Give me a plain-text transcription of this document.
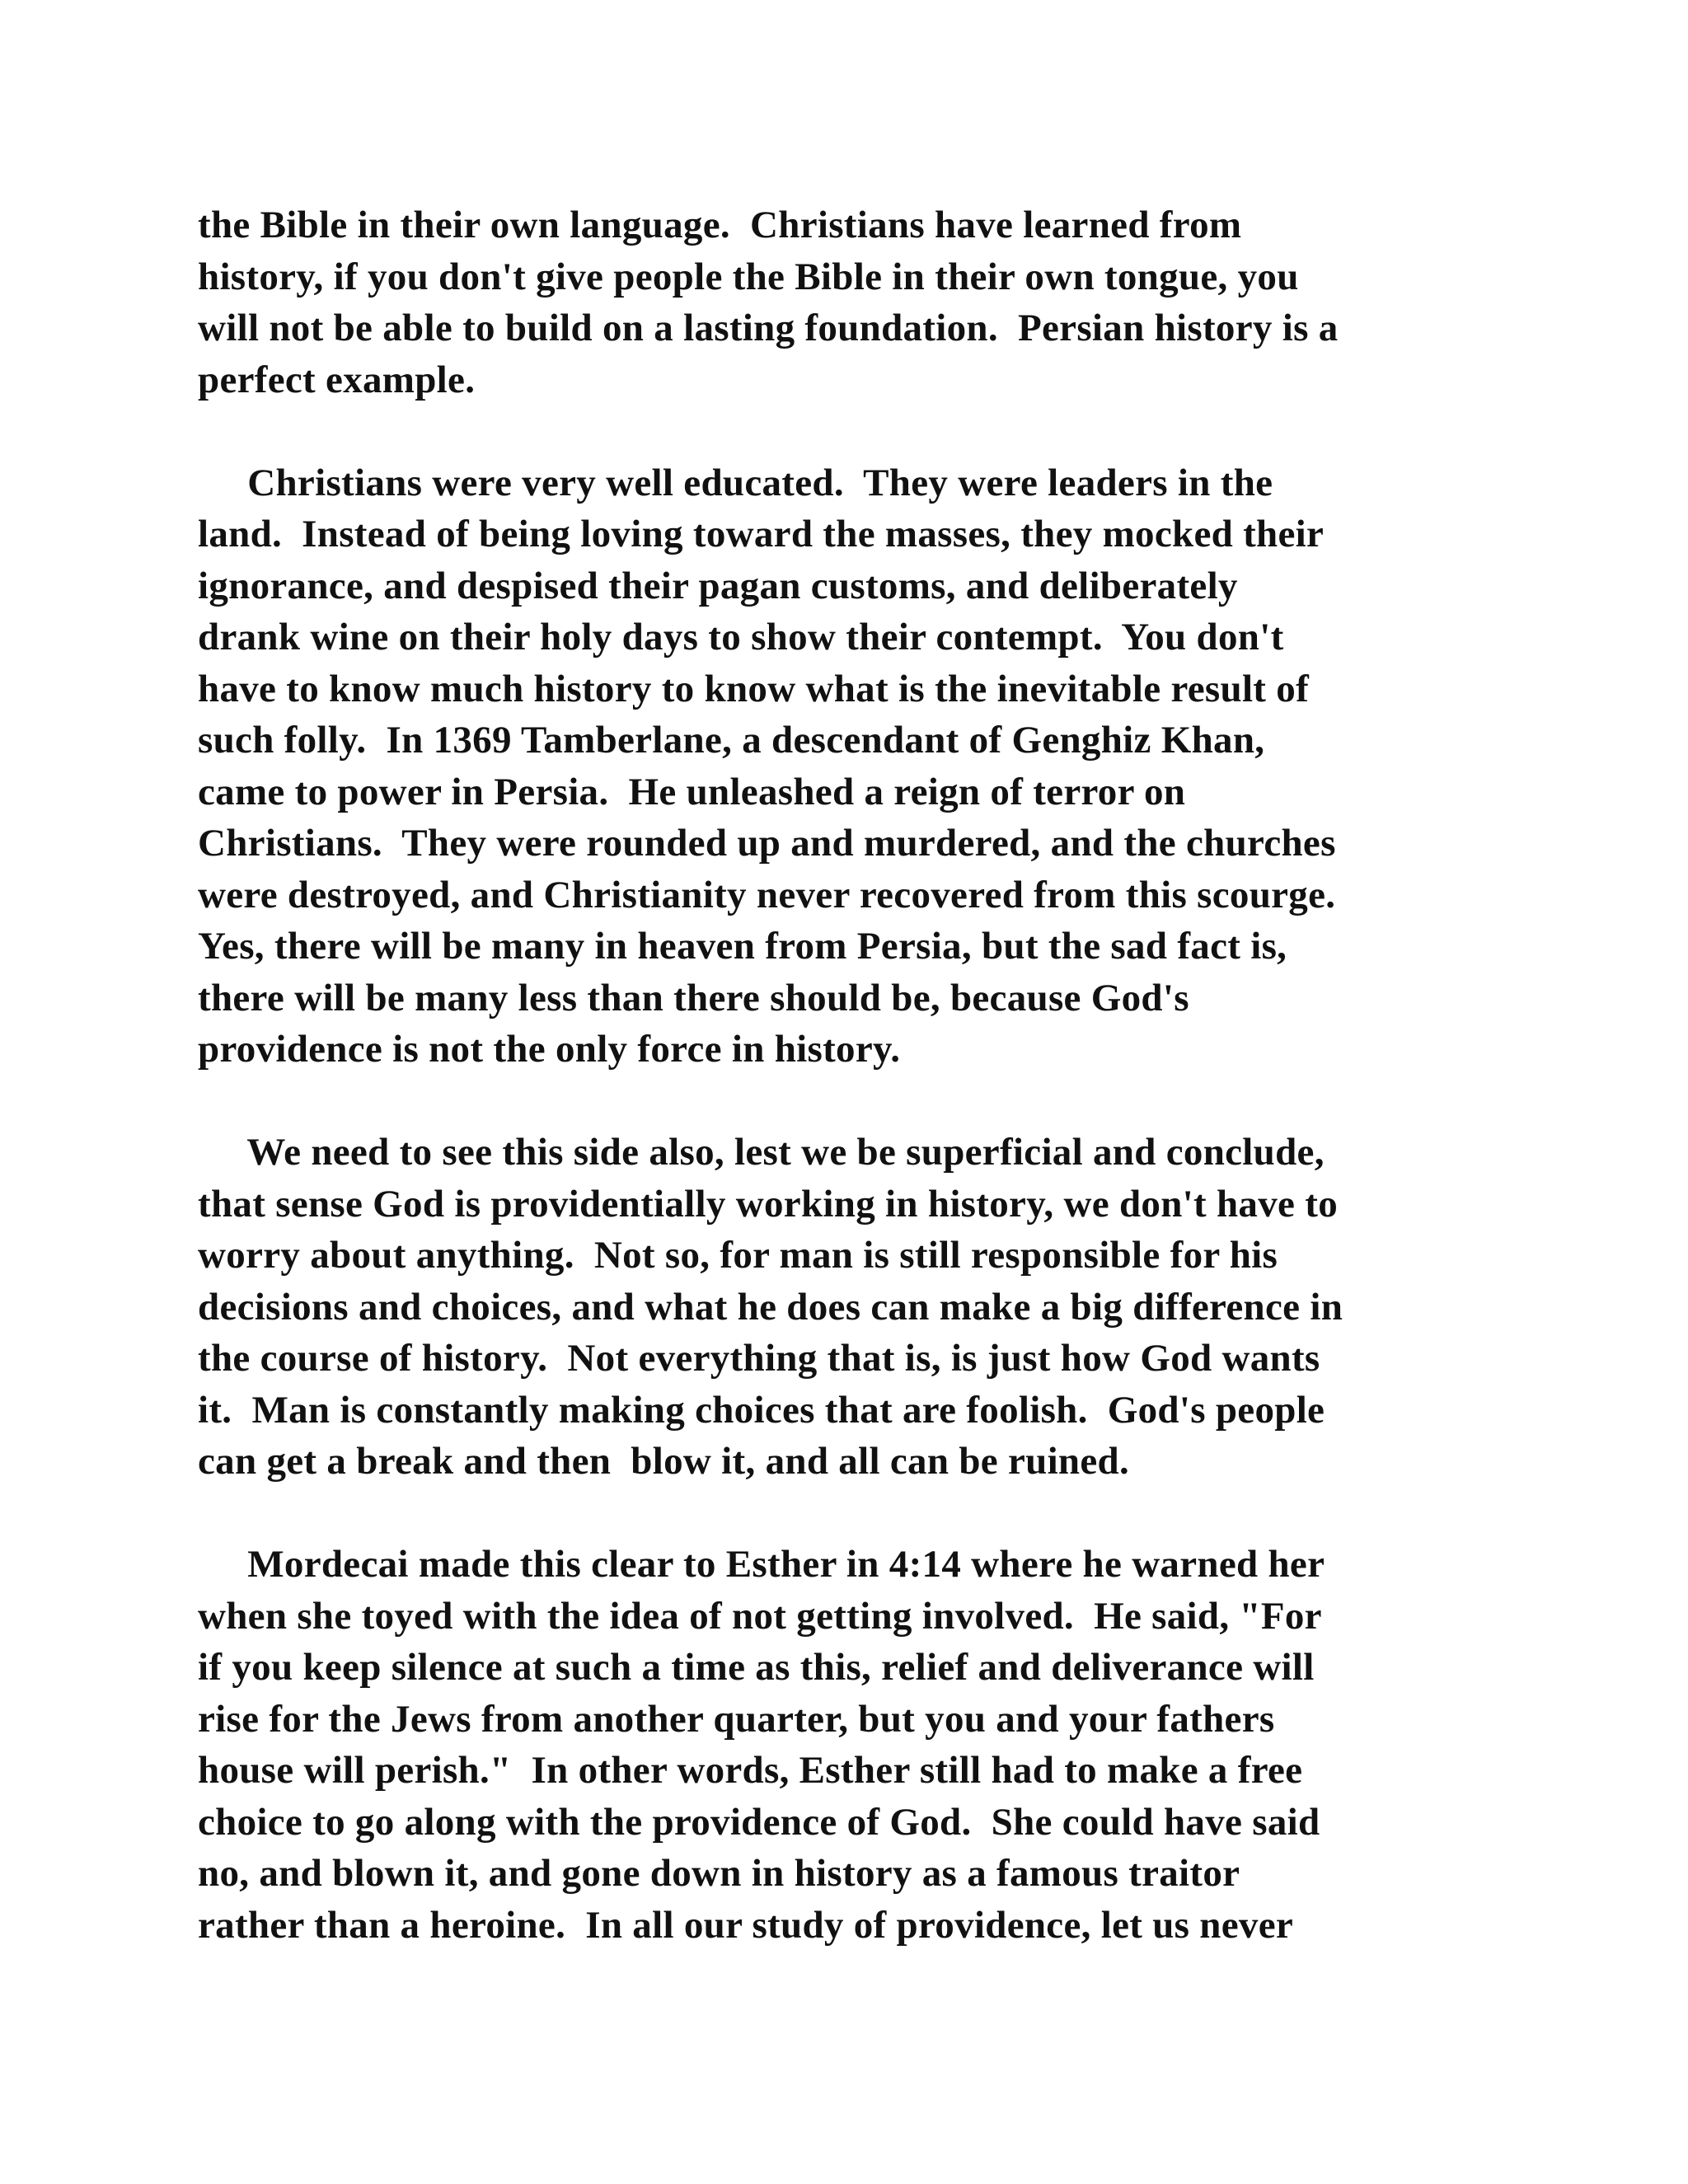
the Bible in their own language.  Christians have learned from
history, if you don't give people the Bible in their own tongue, you
will not be able to build on a lasting foundation.  Persian history is a
perfect example.

Christians were very well educated.  They were leaders in the
land.  Instead of being loving toward the masses, they mocked their
ignorance, and despised their pagan customs, and deliberately
drank wine on their holy days to show their contempt.  You don't
have to know much history to know what is the inevitable result of
such folly.  In 1369 Tamberlane, a descendant of Genghiz Khan,
came to power in Persia.  He unleashed a reign of terror on
Christians.  They were rounded up and murdered, and the churches
were destroyed, and Christianity never recovered from this scourge.
Yes, there will be many in heaven from Persia, but the sad fact is,
there will be many less than there should be, because God's
providence is not the only force in history.

We need to see this side also, lest we be superficial and conclude,
that sense God is providentially working in history, we don't have to
worry about anything.  Not so, for man is still responsible for his
decisions and choices, and what he does can make a big difference in
the course of history.  Not everything that is, is just how God wants
it.  Man is constantly making choices that are foolish.  God's people
can get a break and then  blow it, and all can be ruined.

Mordecai made this clear to Esther in 4:14 where he warned her
when she toyed with the idea of not getting involved.  He said, "For
if you keep silence at such a time as this, relief and deliverance will
rise for the Jews from another quarter, but you and your fathers
house will perish."  In other words, Esther still had to make a free
choice to go along with the providence of God.  She could have said
no, and blown it, and gone down in history as a famous traitor
rather than a heroine.  In all our study of providence, let us never
